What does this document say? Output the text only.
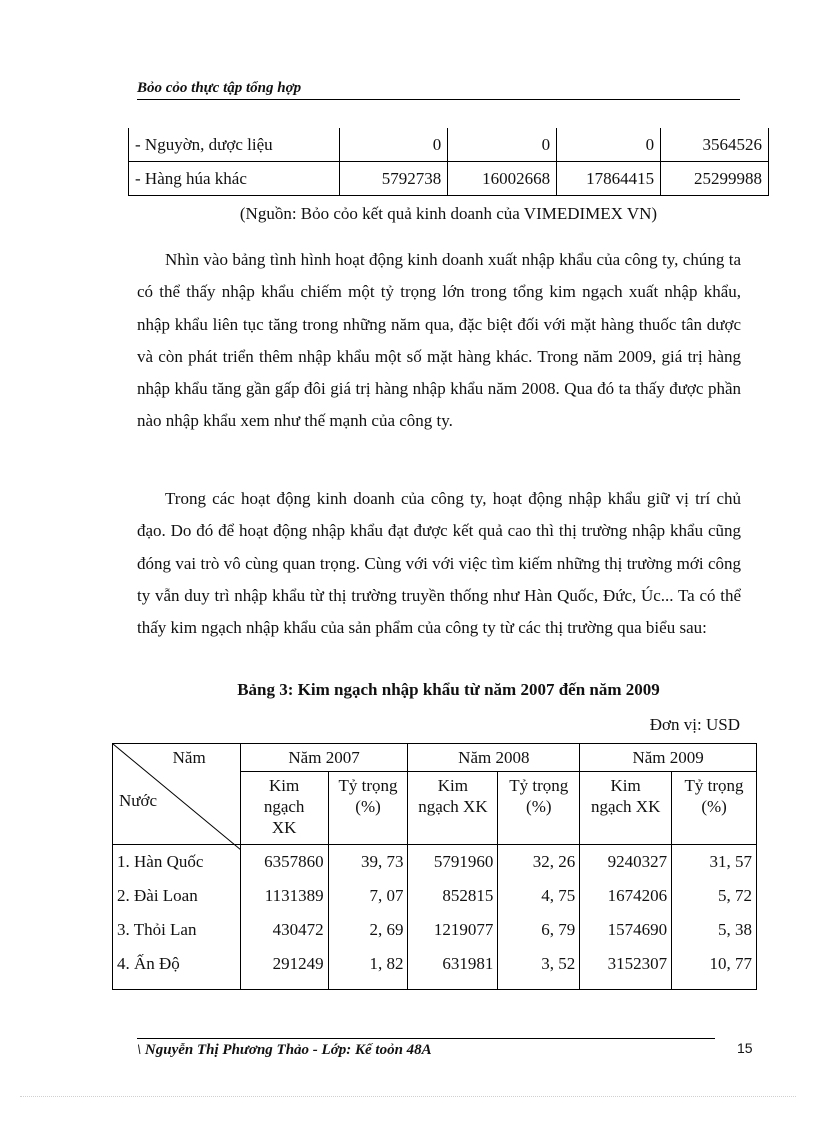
Bỏo cỏo thực tập tổng hợp
- Nguyờn, dược liệu	0	0	0	3564526
- Hàng húa khác	5792738	16002668	17864415	25299988
(Nguồn: Bỏo cỏo kết quả kinh doanh của VIMEDIMEX VN)

Nhìn vào bảng tình hình hoạt động kinh doanh xuất nhập khẩu của công ty, chúng ta có thể thấy nhập khẩu chiếm một tỷ trọng lớn trong tổng kim ngạch xuất nhập khẩu, nhập khẩu liên tục tăng trong những năm qua, đặc biệt đối với mặt hàng thuốc tân dược và còn phát triển thêm nhập khẩu một số mặt hàng khác. Trong năm 2009, giá trị hàng nhập khẩu tăng gần gấp đôi giá trị hàng nhập khẩu năm 2008. Qua đó ta thấy được phần nào nhập khẩu xem như thế mạnh của công ty.

Trong các hoạt động kinh doanh của công ty, hoạt động nhập khẩu giữ vị trí chủ đạo. Do đó để hoạt động nhập khẩu đạt được kết quả cao thì thị trường nhập khẩu cũng đóng vai trò vô cùng quan trọng. Cùng với với việc tìm kiếm những thị trường mới công ty vẫn duy trì nhập khẩu từ thị trường truyền thống như Hàn Quốc, Đức, Úc... Ta có thể thấy kim ngạch nhập khẩu của sản phẩm của công ty từ các thị trường qua biểu sau:

Bảng 3: Kim ngạch nhập khẩu từ năm 2007 đến năm 2009
Đơn vị: USD
Năm
Nước	Năm 2007		Năm 2008		Năm 2009	
	Kim
ngạch
XK	Tỷ trọng
(%)	Kim
ngạch XK	Tỷ trọng
(%)	Kim
ngạch XK	Tỷ trọng
(%)
1. Hàn Quốc	6357860	39, 73	5791960	32, 26	9240327	31, 57
2. Đài Loan	1131389	7, 07	852815	4, 75	1674206	5, 72
3. Thỏi Lan	430472	2, 69	1219077	6, 79	1574690	5, 38
4. Ấn Độ	291249	1, 82	631981	3, 52	3152307	10, 77
\ Nguyễn Thị Phương Thảo - Lớp: Kế toỏn 48A	15
